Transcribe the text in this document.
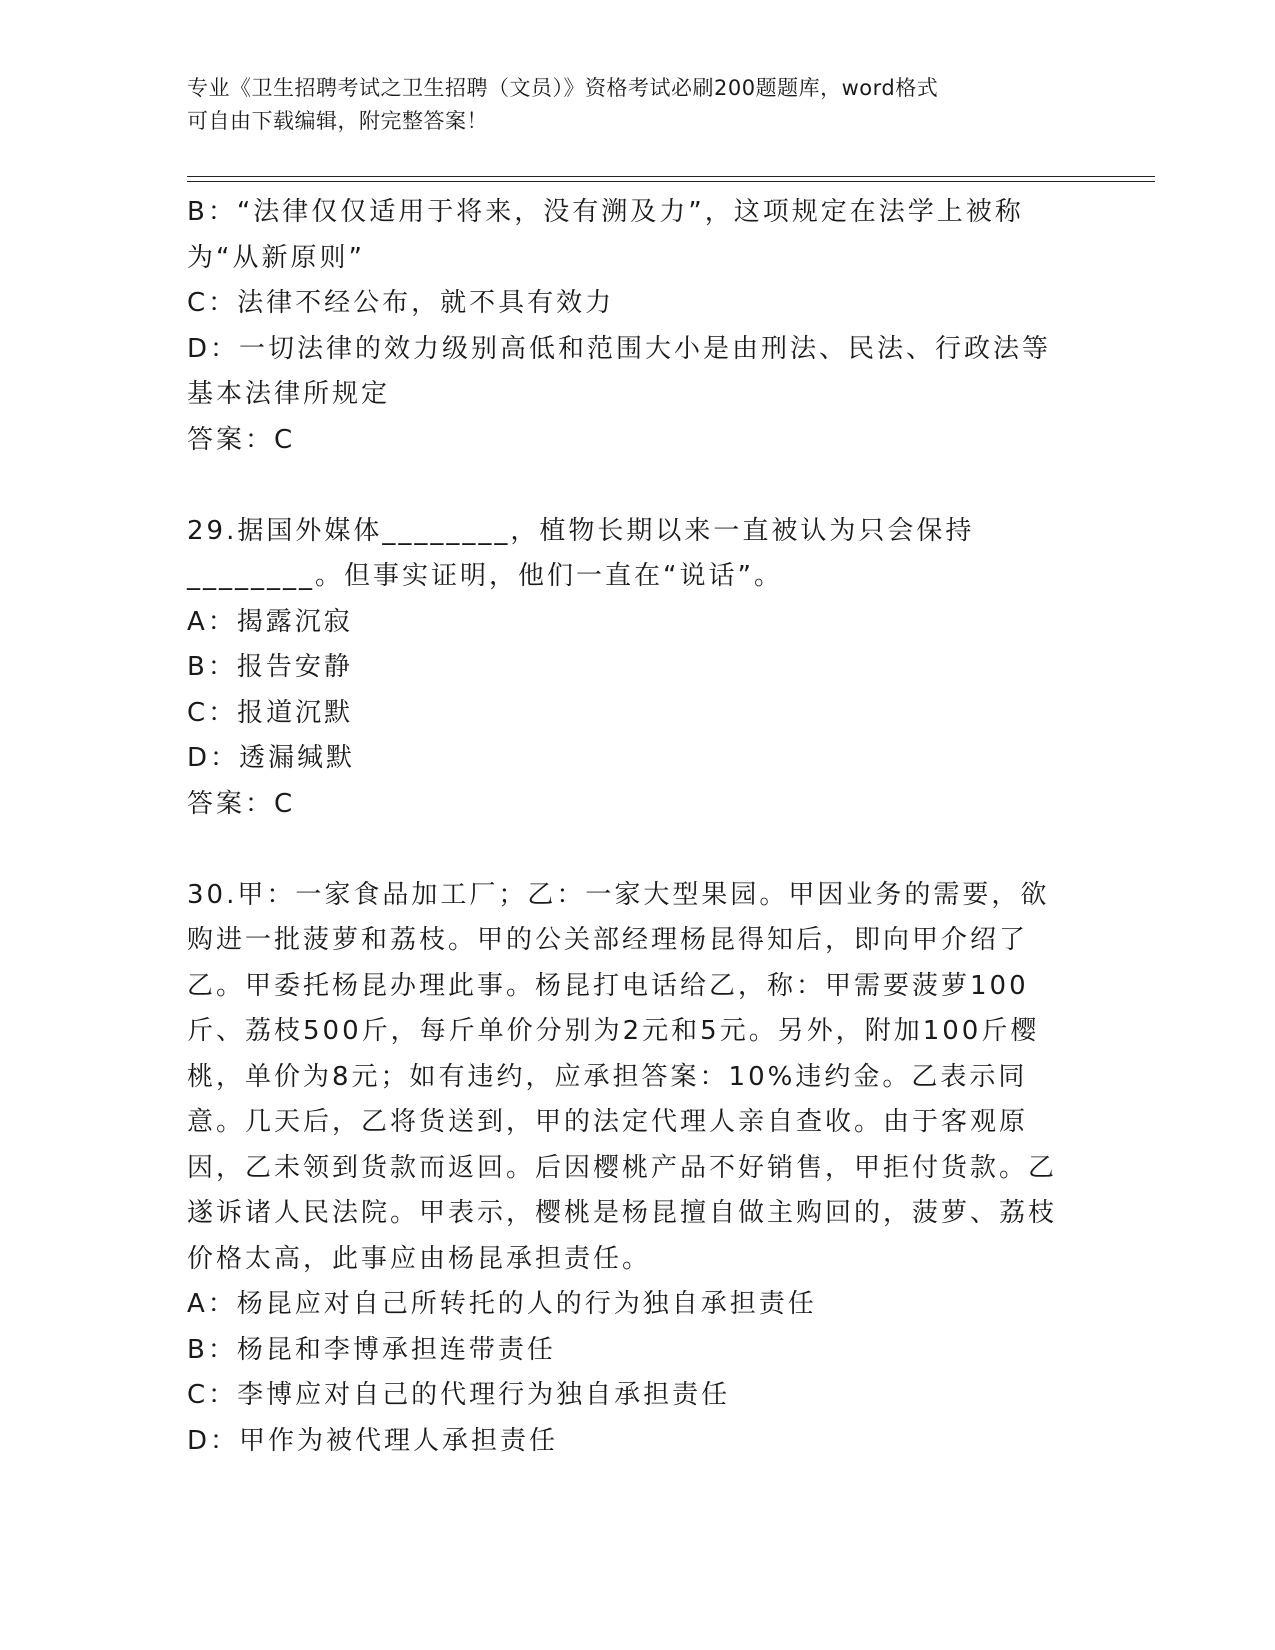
专业《卫生招聘考试之卫生招聘（文员）》资格考试必刷200题题库，word格式
可自由下载编辑，附完整答案！

B：“法律仅仅适用于将来，没有溯及力”，这项规定在法学上被称为“从新原则”

C：法律不经公布，就不具有效力

D：一切法律的效力级别高低和范围大小是由刑法、民法、行政法等基本法律所规定

答案：C

29.据国外媒体________，植物长期以来一直被认为只会保持________。但事实证明，他们一直在“说话”。

A：揭露沉寂

B：报告安静

C：报道沉默

D：透漏缄默

答案：C

30.甲：一家食品加工厂；乙：一家大型果园。甲因业务的需要，欲购进一批菠萝和荔枝。甲的公关部经理杨昆得知后，即向甲介绍了乙。甲委托杨昆办理此事。杨昆打电话给乙，称：甲需要菠萝100斤、荔枝500斤，每斤单价分别为2元和5元。另外，附加100斤樱桃，单价为8元；如有违约，应承担答案：10%违约金。乙表示同意。几天后，乙将货送到，甲的法定代理人亲自查收。由于客观原因，乙未领到货款而返回。后因樱桃产品不好销售，甲拒付货款。乙遂诉诸人民法院。甲表示，樱桃是杨昆擅自做主购回的，菠萝、荔枝价格太高，此事应由杨昆承担责任。

A：杨昆应对自己所转托的人的行为独自承担责任

B：杨昆和李博承担连带责任

C：李博应对自己的代理行为独自承担责任

D：甲作为被代理人承担责任
